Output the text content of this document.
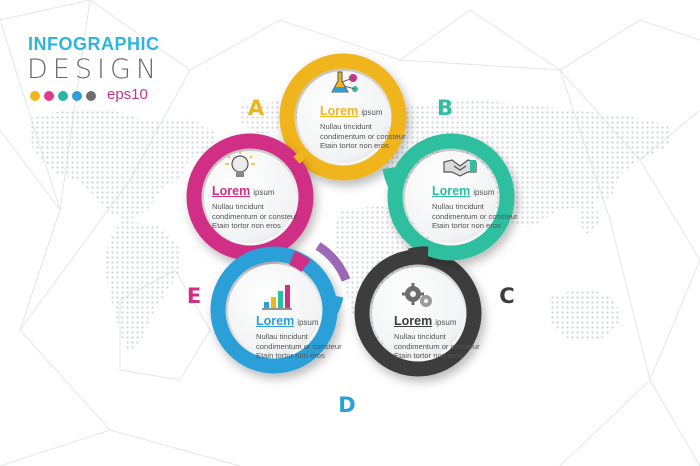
INFOGRAPHIC
DESIGN
eps10
A	B
C
D
E
Lorem ipsum

Nullau tincidunt condimentum or consteur Etain tortor non eros

Lorem ipsum

Nullau tincidunt condimentum or consteur Etain tortor non eros

Lorem ipsum

Nullau tincidunt condimentum or consteur Etain tortor non eros

Lorem ipsum

Nullau tincidunt condimentum or consteur Etain tortor non eros

Lorem ipsum

Nullau tincidunt condimentum or consteur Etain tortor non eros
